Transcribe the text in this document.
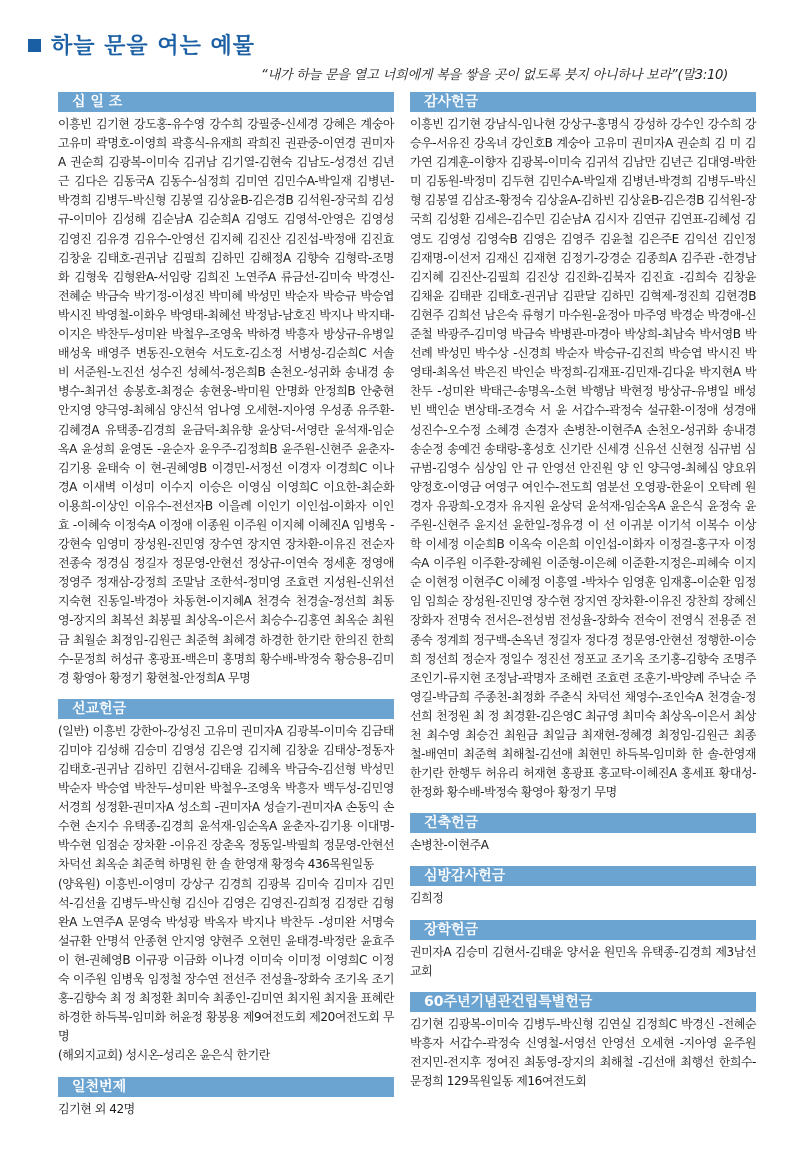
하늘 문을 여는 예물
“내가 하늘 문을 열고 너희에게 복을 쌓을 곳이 없도록 붓지 아니하나 보라”(말3:10)
십 일 조
이흥빈 김기현 강도홍-유수영 강수희 강필중-신세경 강혜은 계숭아 고유미 곽명호-이영희 곽흥식-유재희 곽희진 권관중-이연경 권미자A 권순희 김광복-이미숙 김귀남 김기열-김현숙 김남도-성경선 김년근 김다은 김동국A 김동수-심정희 김미연 김민수A-박일재 김병년-박경희 김병두-박신형 김봉열 김상윤B-김은경B 김석원-장국희 김성규-이미아 김성해 김순남A 김순희A 김영도 김영석-안영은 김영성 김영진 김유경 김유수-안영선 김지혜 김진산 김진섭-박정애 김진효 김창윤 김태호-권귀남 김필희 김하민 김해정A 김향숙 김형락-조명화 김형욱 김형완A-서임랑 김희진 노연주A 류금선-김미숙 박경신-전혜순 박금숙 박기정-이성진 박미혜 박성민 박순자 박승규 박승엽 박시진 박영철-이화우 박영태-최혜선 박정남-남호진 박지나 박지태-이지은 박찬두-성미완 박철우-조영욱 박하경 박흥자 방상규-유병일 배성욱 배영주 변동진-오현숙 서도호-김소정 서병성-김순희C 서솔비 서준원-노진선 성수진 성혜석-정은희B 손천오-성귀화 송내경 송병수-최귀선 송봉호-최정순 송현웅-박미원 안명화 안정희B 안충현 안지영 양극영-최혜심 양신석 엄나영 오세현-지아영 우성종 유주환-김혜경A 유택종-김경희 윤금덕-최유향 윤상덕-서영란 윤석재-임순옥A 윤성희 윤영돈 -윤순자 윤우주-김정희B 윤주원-신현주 윤춘자-김기용 윤태숙 이 현-권혜영B 이경민-서정선 이경자 이경희C 이나경A 이새벽 이성미 이수지 이승은 이영심 이영희C 이요한-최순화 이용희-이상인 이유수-전선자B 이을례 이인기 이인섭-이화자 이인효 -이혜숙 이정숙A 이정애 이종원 이주원 이지혜 이혜진A 임병욱 -강현숙 임영미 장성원-진민영 장수연 장지연 장차환-이유진 전순자 전종숙 정경심 정길자 정문영-안현선 정상규-이연숙 정세훈 정영애 정영주 정재삼-강정희 조말남 조한석-정미영 조효련 지성원-신위선 지숙현 진동일-박경아 차동현-이지혜A 천경숙 천경술-정선희 최동영-장지의 최복선 최봉필 최상옥-이은서 최승수-김홍연 최옥순 최원금 최월순 최정임-김원근 최준혁 최혜경 하경한 한기란 한의진 한희수-문정희 허성규 홍광표-백은미 홍명희 황수배-박정숙 황승용-김미경 황영아 황정기 황현철-안정희A 무명
선교헌금

(일반) 이흥빈 강한아-강성진 고유미 권미자A 김광복-이미숙 김금태 김미야 김성해 김승미 김영성 김은영 김지혜 김창윤 김태상-정동자 김태호-권귀남 김하민 김현서-김태윤 김혜옥 박금숙-김선형 박성민 박순자 박승엽 박찬두-성미완 박철우-조영욱 박흥자 백두성-김민영 서경희 성정환-권미자A 성소희 -권미자A 성슬기-권미자A 손동익 손수현 손지수 유택종-김경희 윤석재-임순옥A 윤춘자-김기용 이대명-박수현 임점순 장차환 -이유진 장춘옥 정동일-박필희 정문영-안현선 차덕선 최옥순 최준혁 하명원 한 솔 한영재 황정숙 436목원일동

(양육원) 이흥빈-이영미 강상구 김경희 김광복 김미숙 김미자 김민석-김선율 김병두-박신형 김신아 김영은 김영진-김희정 김정란 김형완A 노연주A 문영숙 박성광 박옥자 박지나 박찬두 -성미완 서명숙 설규환 안명석 안종현 안지영 양현주 오현민 윤태경-박정란 윤효주 이 현-권혜영B 이규광 이금화 이나경 이미숙 이미정 이영희C 이정숙 이주원 임병욱 임정철 장수연 전선주 전성율-장화숙 조기옥 조기홍-김향숙 최 정 최정환 최미숙 최종인-김미연 최지원 최지율 표혜란 하경한 하득복-임미화 허윤정 황봉용 제9여전도회 제20여전도회 무명

(해외지교회) 성시온-성리온 윤은식 한기란

일천번제
김기현 외 42명
감사헌금
이흥빈 김기현 강남식-임나현 강상구-홍명식 강성하 강수인 강수희 강승우-서유진 강옥녀 강인호B 계숭아 고유미 권미자A 권순희 김 미 김가연 김계훈-이향자 김광복-이미숙 김귀석 김남만 김년근 김대영-박한미 김동원-박정미 김두현 김민수A-박일재 김병년-박경희 김병두-박신형 김봉열 김삼조-황정숙 김상윤A-김하빈 김상윤B-김은경B 김석원-장국희 김성환 김세은-김수민 김순남A 김시자 김연규 김연표-김혜성 김영도 김영성 김영숙B 김영은 김영주 김윤철 김은주E 김익선 김인정 김재명-이선저 김재신 김재현 김정기-강경순 김종희A 김주관 -한경남 김지혜 김진산-김필희 김진상 김진화-김북자 김진효 -김희숙 김창윤 김채윤 김태관 김태호-권귀남 김판달 김하민 김혁제-정진희 김현경B 김현주 김희선 남은숙 류형기 마수원-윤정아 마주영 박경순 박경애-신준철 박광주-김미영 박금숙 박병관-마경아 박상희-최남숙 박서영B 박선례 박성민 박수상 -신경희 박순자 박승규-김진희 박승엽 박시진 박영태-최옥선 박은진 박인순 박정희-김재표-김민재-김다윤 박지현A 박찬두 -성미완 박태근-송명옥-소현 박행남 박현정 방상규-유병일 배성빈 백인순 변상태-조경숙 서 윤 서갑수-곽정숙 설규환-이정애 성경애 성진수-오수정 소혜경 손경자 손병찬-이현주A 손천오-성귀화 송내경 송순정 송예건 송태랑-홍성호 신기란 신세경 신유선 신현정 심규범 심규범-김영수 심상임 안 규 안영선 안진원 양 인 양극영-최혜심 양요위 양정호-이영금 여영구 여인수-전도희 염분선 오영광-한윤이 오탁례 원경자 유광희-오경자 유지원 윤상덕 윤석재-임순옥A 윤은식 윤정숙 윤주원-신현주 윤지선 윤한일-정유경 이 선 이귀분 이기석 이복수 이상학 이세정 이순희B 이옥숙 이은희 이인섭-이화자 이정걸-홍구자 이정숙A 이주원 이주환-장혜원 이준형-이은혜 이준환-지정은-피혜숙 이지순 이현정 이현주C 이혜정 이흥열 -박차수 임영훈 임재홍-이순환 임정임 임희순 장성원-진민영 장수현 장지연 장차환-이유진 장찬희 장혜신 장화자 전명숙 전서은-전성범 전성율-장화숙 전숙이 전영식 전용준 전종숙 정계희 정구백-손옥년 정길자 정다경 정문영-안현선 정행한-이승희 정선희 정순자 정일수 정진선 정포교 조기옥 조기홍-김향숙 조명주 조인기-류지현 조정남-곽명자 조해련 조효련 조훈기-박양례 주낙순 주영길-박금희 주종천-최정화 주춘식 차덕선 채영수-조인숙A 천경술-정선희 천정원 최 정 최경환-김은영C 최규영 최미숙 최상옥-이은서 최상천 최수영 최승건 최원금 최일금 최재현-정혜경 최정임-김원근 최종철-배연미 최준혁 최해철-김선애 최현민 하득복-임미화 한 솔-한영재 한기란 한행두 허유리 허재현 홍광표 홍교탁-이혜진A 홍세표 황대성-한정화 황수배-박정숙 황영아 황정기 무명
건축헌금
손병찬-이현주A
심방감사헌금
김희정
장학헌금
권미자A 김승미 김현서-김태윤 양서윤 원민옥 유택종-김경희 제3남선교회
60주년기념관건립특별헌금
김기현 김광복-이미숙 김병두-박신형 김연실 김정희C 박경신 -전혜순 박흥자 서갑수-곽정숙 신영철-서영선 안영선 오세현 -지아영 윤주원 전지민-전지후 정여진 최동영-장지의 최해철 -김선애 최행선 한희수-문정희 129목원일동 제16여전도회
